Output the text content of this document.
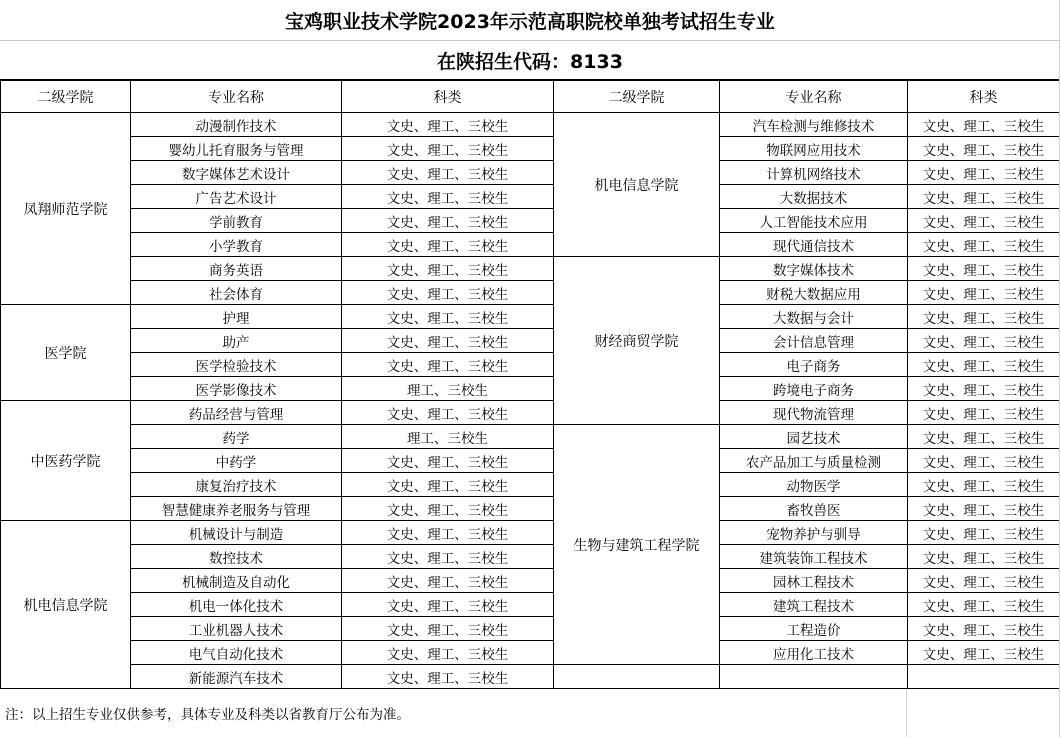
宝鸡职业技术学院2023年示范高职院校单独考试招生专业
在陕招生代码：8133
二级学院	专业名称	科类	二级学院	专业名称	科类
凤翔师范学院	动漫制作技术	文史、理工、三校生	机电信息学院	汽车检测与维修技术	文史、理工、三校生
	婴幼儿托育服务与管理	文史、理工、三校生		物联网应用技术	文史、理工、三校生
	数字媒体艺术设计	文史、理工、三校生		计算机网络技术	文史、理工、三校生
	广告艺术设计	文史、理工、三校生		大数据技术	文史、理工、三校生
	学前教育	文史、理工、三校生		人工智能技术应用	文史、理工、三校生
	小学教育	文史、理工、三校生		现代通信技术	文史、理工、三校生
	商务英语	文史、理工、三校生	财经商贸学院	数字媒体技术	文史、理工、三校生
	社会体育	文史、理工、三校生		财税大数据应用	文史、理工、三校生
医学院	护理	文史、理工、三校生		大数据与会计	文史、理工、三校生
	助产	文史、理工、三校生		会计信息管理	文史、理工、三校生
	医学检验技术	文史、理工、三校生		电子商务	文史、理工、三校生
	医学影像技术	理工、三校生		跨境电子商务	文史、理工、三校生
中医药学院	药品经营与管理	文史、理工、三校生		现代物流管理	文史、理工、三校生
	药学	理工、三校生	生物与建筑工程学院	园艺技术	文史、理工、三校生
	中药学	文史、理工、三校生		农产品加工与质量检测	文史、理工、三校生
	康复治疗技术	文史、理工、三校生		动物医学	文史、理工、三校生
	智慧健康养老服务与管理	文史、理工、三校生		畜牧兽医	文史、理工、三校生
机电信息学院	机械设计与制造	文史、理工、三校生		宠物养护与驯导	文史、理工、三校生
	数控技术	文史、理工、三校生		建筑装饰工程技术	文史、理工、三校生
	机械制造及自动化	文史、理工、三校生		园林工程技术	文史、理工、三校生
	机电一体化技术	文史、理工、三校生		建筑工程技术	文史、理工、三校生
	工业机器人技术	文史、理工、三校生		工程造价	文史、理工、三校生
	电气自动化技术	文史、理工、三校生		应用化工技术	文史、理工、三校生
	新能源汽车技术	文史、理工、三校生			
注：以上招生专业仅供参考，具体专业及科类以省教育厅公布为准。
